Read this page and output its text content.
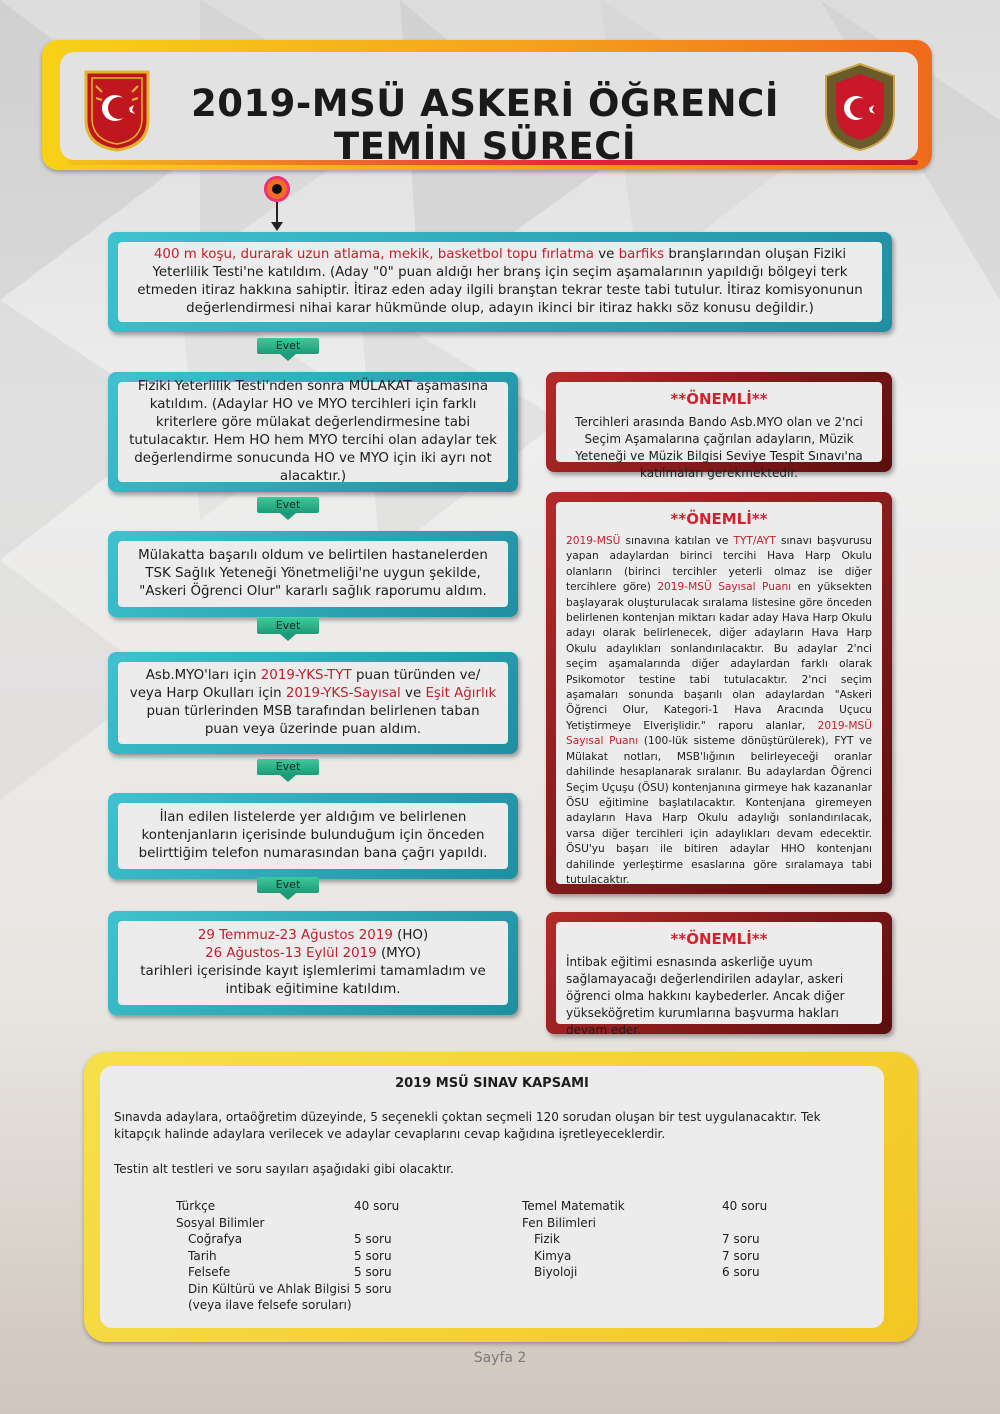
2019-MSÜ ASKERİ ÖĞRENCİ TEMİN SÜRECİ

400 m koşu, durarak uzun atlama, mekik, basketbol topu fırlatma ve barfiks branşlarından oluşan Fiziki Yeterlilik Testi'ne katıldım. (Aday "0" puan aldığı her branş için seçim aşamalarının yapıldığı bölgeyi terk etmeden itiraz hakkına sahiptir. İtiraz eden aday ilgili branştan tekrar teste tabi tutulur. İtiraz komisyonunun değerlendirmesi nihai karar hükmünde olup, adayın ikinci bir itiraz hakkı söz konusu değildir.)

Evet

Fiziki Yeterlilik Testi'nden sonra MÜLAKAT aşamasına katıldım. (Adaylar HO ve MYO tercihleri için farklı kriterlere göre mülakat değerlendirmesine tabi tutulacaktır. Hem HO hem MYO tercihi olan adaylar tek değerlendirme sonucunda HO ve MYO için iki ayrı not alacaktır.)

Evet

Mülakatta başarılı oldum ve belirtilen hastanelerden TSK Sağlık Yeteneği Yönetmeliği'ne uygun şekilde, "Askeri Öğrenci Olur" kararlı sağlık raporumu aldım.

Evet

Asb.MYO'ları için 2019-YKS-TYT puan türünden ve/ veya Harp Okulları için 2019-YKS-Sayısal ve Eşit Ağırlık puan türlerinden MSB tarafından belirlenen taban puan veya üzerinde puan aldım.

Evet

İlan edilen listelerde yer aldığım ve belirlenen kontenjanların içerisinde bulunduğum için önceden belirttiğim telefon numarasından bana çağrı yapıldı.

Evet

29 Temmuz-23 Ağustos 2019 (HO)
26 Ağustos-13 Eylül 2019 (MYO)
tarihleri içerisinde kayıt işlemlerimi tamamladım ve intibak eğitimine katıldım.

**ÖNEMLİ**
Tercihleri arasında Bando Asb.MYO olan ve 2'nci Seçim Aşamalarına çağrılan adayların, Müzik Yeteneği ve Müzik Bilgisi Seviye Tespit Sınavı'na katılmaları gerekmektedir.
**ÖNEMLİ**
2019-MSÜ sınavına katılan ve TYT/AYT sınavı başvurusu yapan adaylardan birinci tercihi Hava Harp Okulu olanların (birinci tercihler yeterli olmaz ise diğer tercihlere göre) 2019-MSÜ Sayısal Puanı en yüksekten başlayarak oluşturulacak sıralama listesine göre önceden belirlenen kontenjan miktarı kadar aday Hava Harp Okulu adayı olarak belirlenecek, diğer adayların Hava Harp Okulu adaylıkları sonlandırılacaktır. Bu adaylar 2'nci seçim aşamalarında diğer adaylardan farklı olarak Psikomotor testine tabi tutulacaktır. 2'nci seçim aşamaları sonunda başarılı olan adaylardan "Askeri Öğrenci Olur, Kategori-1 Hava Aracında Uçucu Yetiştirmeye Elverişlidir." raporu alanlar, 2019-MSÜ Sayısal Puanı (100-lük sisteme dönüştürülerek), FYT ve Mülakat notları, MSB'lığının belirleyeceği oranlar dahilinde hesaplanarak sıralanır. Bu adaylardan Öğrenci Seçim Uçuşu (ÖSU) kontenjanına girmeye hak kazananlar ÖSU eğitimine başlatılacaktır. Kontenjana giremeyen adayların Hava Harp Okulu adaylığı sonlandırılacak, varsa diğer tercihleri için adaylıkları devam edecektir. ÖSU'yu başarı ile bitiren adaylar HHO kontenjanı dahilinde yerleştirme esaslarına göre sıralamaya tabi tutulacaktır.
**ÖNEMLİ**
İntibak eğitimi esnasında askerliğe uyum sağlamayacağı değerlendirilen adaylar, askeri öğrenci olma hakkını kaybederler. Ancak diğer yükseköğretim kurumlarına başvurma hakları devam eder.
2019 MSÜ SINAV KAPSAMI

Sınavda adaylara, ortaöğretim düzeyinde, 5 seçenekli çoktan seçmeli 120 sorudan oluşan bir test uygulanacaktır. Tek kitapçık halinde adaylara verilecek ve adaylar cevaplarını cevap kağıdına işretleyeceklerdir.

Testin alt testleri ve soru sayıları aşağıdaki gibi olacaktır.

Türkçe
Sosyal Bilimler
Coğrafya
Tarih
Felsefe
Din Kültürü ve Ahlak Bilgisi
(veya ilave felsefe soruları)
40 soru

5 soru
5 soru
5 soru
5 soru
Temel Matematik
Fen Bilimleri
Fizik
Kimya
Biyoloji
40 soru

7 soru
7 soru
6 soru
Sayfa 2
